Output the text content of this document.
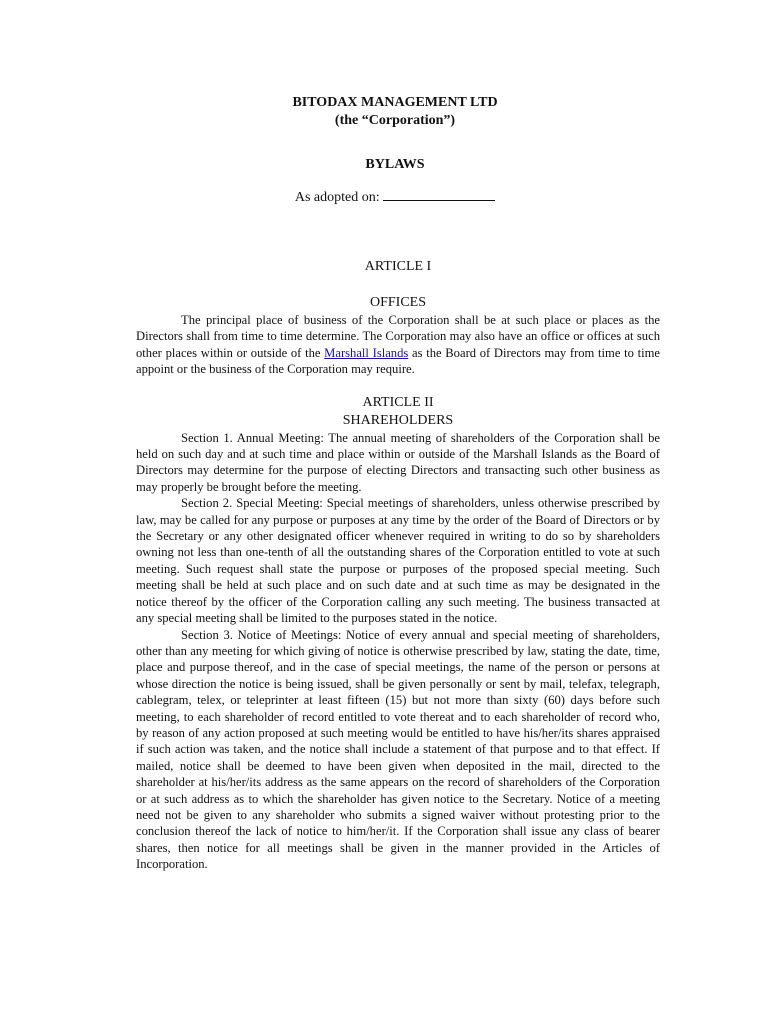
BITODAX MANAGEMENT LTD
(the “Corporation”)
BYLAWS
As adopted on:
ARTICLE I
OFFICES

The principal place of business of the Corporation shall be at such place or places as the Directors shall from time to time determine. The Corporation may also have an office or offices at such other places within or outside of the Marshall Islands as the Board of Directors may from time to time appoint or the business of the Corporation may require.

ARTICLE II
SHAREHOLDERS

Section 1. Annual Meeting: The annual meeting of shareholders of the Corporation shall be held on such day and at such time and place within or outside of the Marshall Islands as the Board of Directors may determine for the purpose of electing Directors and transacting such other business as may properly be brought before the meeting.

Section 2. Special Meeting: Special meetings of shareholders, unless otherwise prescribed by law, may be called for any purpose or purposes at any time by the order of the Board of Directors or by the Secretary or any other designated officer whenever required in writing to do so by shareholders owning not less than one-tenth of all the outstanding shares of the Corporation entitled to vote at such meeting. Such request shall state the purpose or purposes of the proposed special meeting. Such meeting shall be held at such place and on such date and at such time as may be designated in the notice thereof by the officer of the Corporation calling any such meeting. The business transacted at any special meeting shall be limited to the purposes stated in the notice.

Section 3. Notice of Meetings: Notice of every annual and special meeting of shareholders, other than any meeting for which giving of notice is otherwise prescribed by law, stating the date, time, place and purpose thereof, and in the case of special meetings, the name of the person or persons at whose direction the notice is being issued, shall be given personally or sent by mail, telefax, telegraph, cablegram, telex, or teleprinter at least fifteen (15) but not more than sixty (60) days before such meeting, to each shareholder of record entitled to vote thereat and to each shareholder of record who, by reason of any action proposed at such meeting would be entitled to have his/her/its shares appraised if such action was taken, and the notice shall include a statement of that purpose and to that effect. If mailed, notice shall be deemed to have been given when deposited in the mail, directed to the shareholder at his/her/its address as the same appears on the record of shareholders of the Corporation or at such address as to which the shareholder has given notice to the Secretary. Notice of a meeting need not be given to any shareholder who submits a signed waiver without protesting prior to the conclusion thereof the lack of notice to him/her/it. If the Corporation shall issue any class of bearer shares, then notice for all meetings shall be given in the manner provided in the Articles of Incorporation.
